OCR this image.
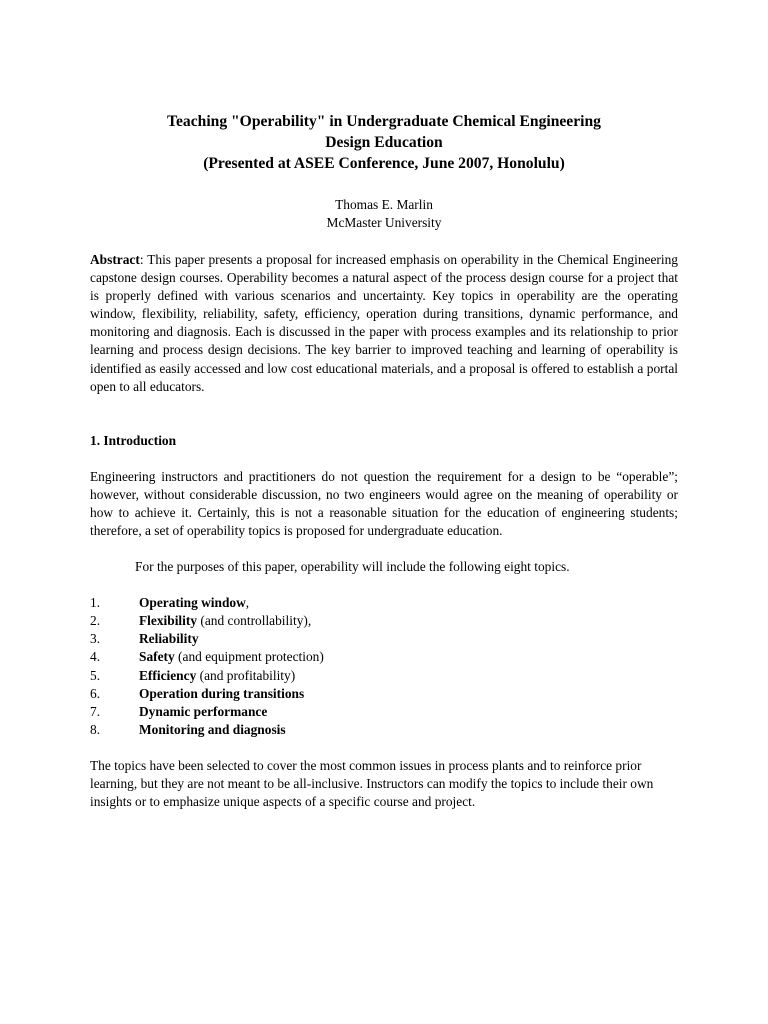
Teaching "Operability" in Undergraduate Chemical Engineering
Design Education
(Presented at ASEE Conference, June 2007, Honolulu)
Thomas E. Marlin
McMaster University
Abstract: This paper presents a proposal for increased emphasis on operability in the Chemical Engineering capstone design courses. Operability becomes a natural aspect of the process design course for a project that is properly defined with various scenarios and uncertainty. Key topics in operability are the operating window, flexibility, reliability, safety, efficiency, operation during transitions, dynamic performance, and monitoring and diagnosis. Each is discussed in the paper with process examples and its relationship to prior learning and process design decisions. The key barrier to improved teaching and learning of operability is identified as easily accessed and low cost educational materials, and a proposal is offered to establish a portal open to all educators.
1. Introduction
Engineering instructors and practitioners do not question the requirement for a design to be “operable”; however, without considerable discussion, no two engineers would agree on the meaning of operability or how to achieve it. Certainly, this is not a reasonable situation for the education of engineering students; therefore, a set of operability topics is proposed for undergraduate education.
For the purposes of this paper, operability will include the following eight topics.
1.	Operating window,
2.	Flexibility (and controllability),
3.	Reliability
4.	Safety (and equipment protection)
5.	Efficiency (and profitability)
6.	Operation during transitions
7.	Dynamic performance
8.	Monitoring and diagnosis
The topics have been selected to cover the most common issues in process plants and to reinforce prior learning, but they are not meant to be all-inclusive. Instructors can modify the topics to include their own insights or to emphasize unique aspects of a specific course and project.
